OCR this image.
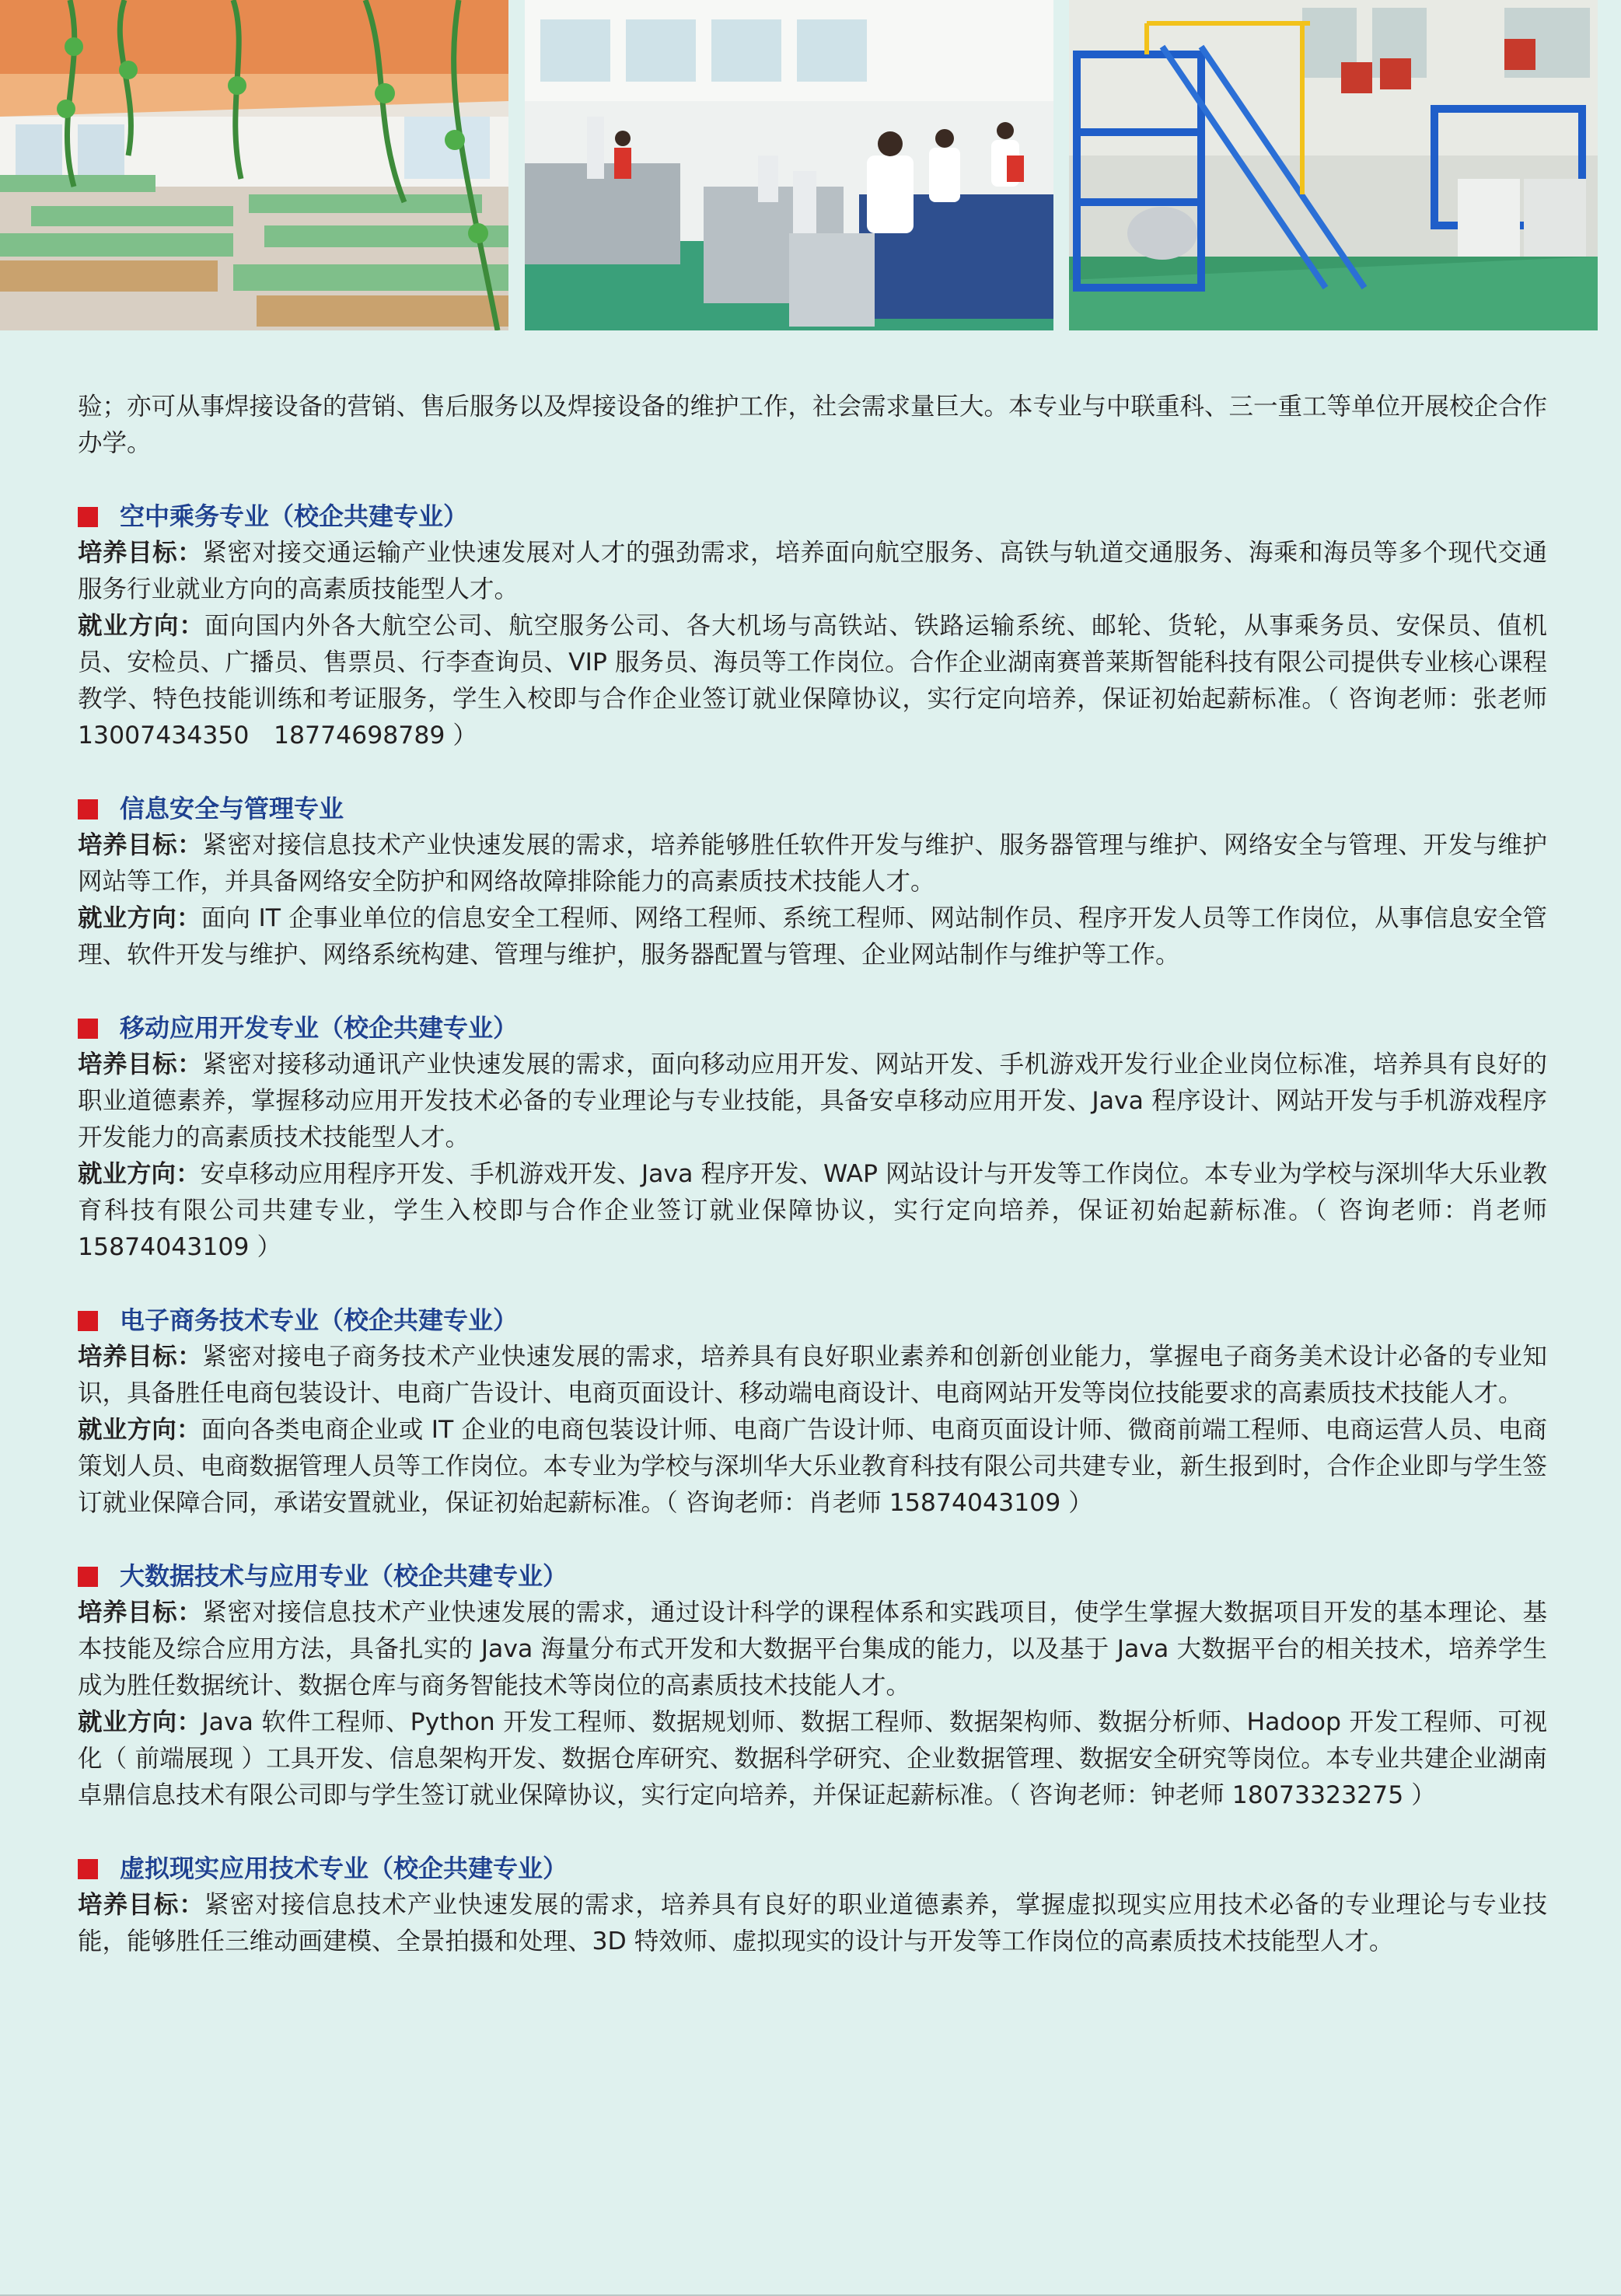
验；亦可从事焊接设备的营销、售后服务以及焊接设备的维护工作，社会需求量巨大。本专业与中联重科、三一重工等单位开展校企合作办学。

空中乘务专业（校企共建专业）

培养目标：紧密对接交通运输产业快速发展对人才的强劲需求，培养面向航空服务、高铁与轨道交通服务、海乘和海员等多个现代交通服务行业就业方向的高素质技能型人才。

就业方向：面向国内外各大航空公司、航空服务公司、各大机场与高铁站、铁路运输系统、邮轮、货轮，从事乘务员、安保员、值机员、安检员、广播员、售票员、行李查询员、VIP 服务员、海员等工作岗位。合作企业湖南赛普莱斯智能科技有限公司提供专业核心课程教学、特色技能训练和考证服务，学生入校即与合作企业签订就业保障协议，实行定向培养，保证初始起薪标准。（ 咨询老师：张老师　13007434350　18774698789 ）

信息安全与管理专业

培养目标：紧密对接信息技术产业快速发展的需求，培养能够胜任软件开发与维护、服务器管理与维护、网络安全与管理、开发与维护网站等工作，并具备网络安全防护和网络故障排除能力的高素质技术技能人才。

就业方向：面向 IT 企事业单位的信息安全工程师、网络工程师、系统工程师、网站制作员、程序开发人员等工作岗位，从事信息安全管理、软件开发与维护、网络系统构建、管理与维护，服务器配置与管理、企业网站制作与维护等工作。

移动应用开发专业（校企共建专业）

培养目标：紧密对接移动通讯产业快速发展的需求，面向移动应用开发、网站开发、手机游戏开发行业企业岗位标准，培养具有良好的职业道德素养，掌握移动应用开发技术必备的专业理论与专业技能，具备安卓移动应用开发、Java 程序设计、网站开发与手机游戏程序开发能力的高素质技术技能型人才。

就业方向：安卓移动应用程序开发、手机游戏开发、Java 程序开发、WAP 网站设计与开发等工作岗位。本专业为学校与深圳华大乐业教育科技有限公司共建专业，学生入校即与合作企业签订就业保障协议，实行定向培养，保证初始起薪标准。（ 咨询老师：肖老师 15874043109 ）

电子商务技术专业（校企共建专业）

培养目标：紧密对接电子商务技术产业快速发展的需求，培养具有良好职业素养和创新创业能力，掌握电子商务美术设计必备的专业知识，具备胜任电商包装设计、电商广告设计、电商页面设计、移动端电商设计、电商网站开发等岗位技能要求的高素质技术技能人才。

就业方向：面向各类电商企业或 IT 企业的电商包装设计师、电商广告设计师、电商页面设计师、微商前端工程师、电商运营人员、电商策划人员、电商数据管理人员等工作岗位。本专业为学校与深圳华大乐业教育科技有限公司共建专业，新生报到时，合作企业即与学生签订就业保障合同，承诺安置就业，保证初始起薪标准。（ 咨询老师：肖老师 15874043109 ）

大数据技术与应用专业（校企共建专业）

培养目标：紧密对接信息技术产业快速发展的需求，通过设计科学的课程体系和实践项目，使学生掌握大数据项目开发的基本理论、基本技能及综合应用方法，具备扎实的 Java 海量分布式开发和大数据平台集成的能力，以及基于 Java 大数据平台的相关技术，培养学生成为胜任数据统计、数据仓库与商务智能技术等岗位的高素质技术技能人才。

就业方向：Java 软件工程师、Python 开发工程师、数据规划师、数据工程师、数据架构师、数据分析师、Hadoop 开发工程师、可视化（ 前端展现 ）工具开发、信息架构开发、数据仓库研究、数据科学研究、企业数据管理、数据安全研究等岗位。本专业共建企业湖南卓鼎信息技术有限公司即与学生签订就业保障协议，实行定向培养，并保证起薪标准。（ 咨询老师：钟老师 18073323275 ）

虚拟现实应用技术专业（校企共建专业）

培养目标：紧密对接信息技术产业快速发展的需求，培养具有良好的职业道德素养，掌握虚拟现实应用技术必备的专业理论与专业技能，能够胜任三维动画建模、全景拍摄和处理、3D 特效师、虚拟现实的设计与开发等工作岗位的高素质技术技能型人才。
